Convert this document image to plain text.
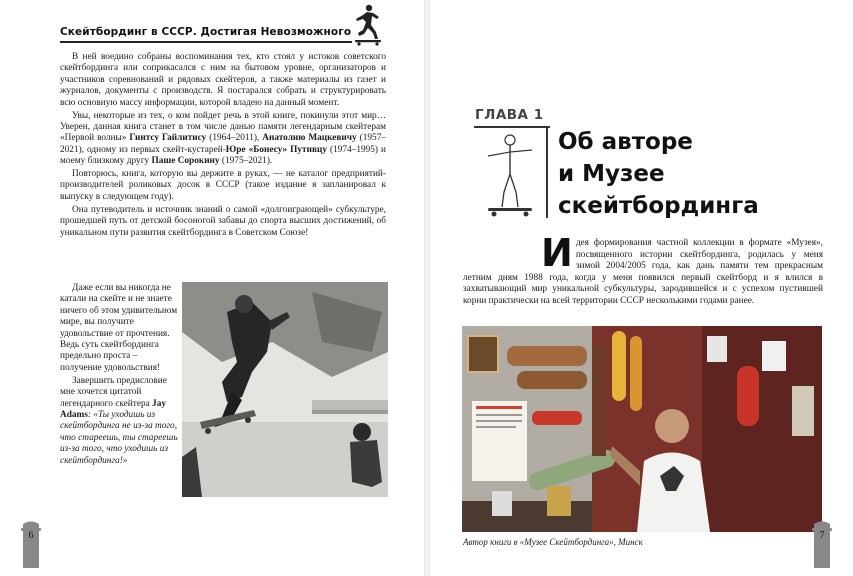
Скейтбординг в СССР. Достигая Невозможного

В ней воедино собраны воспоминания тех, кто стоял у истоков советского скейтбординга или соприкасался с ним на бытовом уровне, организаторов и участников соревнований и рядовых скейтеров, а также материалы из газет и журналов, документы с производств. Я постарался собрать и структурировать всю основную массу информации, которой владею на данный момент.

Увы, некоторые из тех, о ком пойдет речь в этой книге, покинули этот мир… Уверен, данная книга станет в том числе данью памяти легендарным скейтерам «Первой волны» Гинтсу Гайлитису (1964–2011), Анатолию Мацкевичу (1957–2021), одному из первых скейт-кустарей-Юре «Бонесу» Путивцу (1974–1995) и моему близкому другу Паше Сорокину (1975–2021).

Повторюсь, книга, которую вы держите в руках, — не каталог предприятий-производителей роликовых досок в СССР (такое издание я запланировал к выпуску в следующем году).

Она путеводитель и источник знаний о самой «долгоиграющей» субкультуре, прошедшей путь от детской босоногой забавы до спорта высших достижений, об уникальном пути развития скейтбординга в Советском Союзе!

Даже если вы никогда не катали на скейте и не знаете ничего об этом удивительном мире, вы получите удовольствие от прочтения. Ведь суть скейтбординга предельно проста – получение удовольствия!

Завершить предисловие мне хочется цитатой легендарного скейтера Jay Adams: «Ты уходишь из скейтбординга не из-за того, что стареешь, ты стареешь из-за того, что уходишь из скейтбординга!»

6
ГЛАВА 1
Об авторе
и Музее
скейтбординга
Идея формирования частной коллекции в формате «Музея», посвященного истории скейтбординга, родилась у меня зимой 2004/2005 года, как дань памяти тем прекрасным летним дням 1988 года, когда у меня появился первый скейтборд и я влился в захватывающий мир уникальной субкультуры, зародившейся и с успехом пустившей корни практически на всей территории СССР несколькими годами ранее.
Автор книги в «Музее Скейтбординга», Минск
7
